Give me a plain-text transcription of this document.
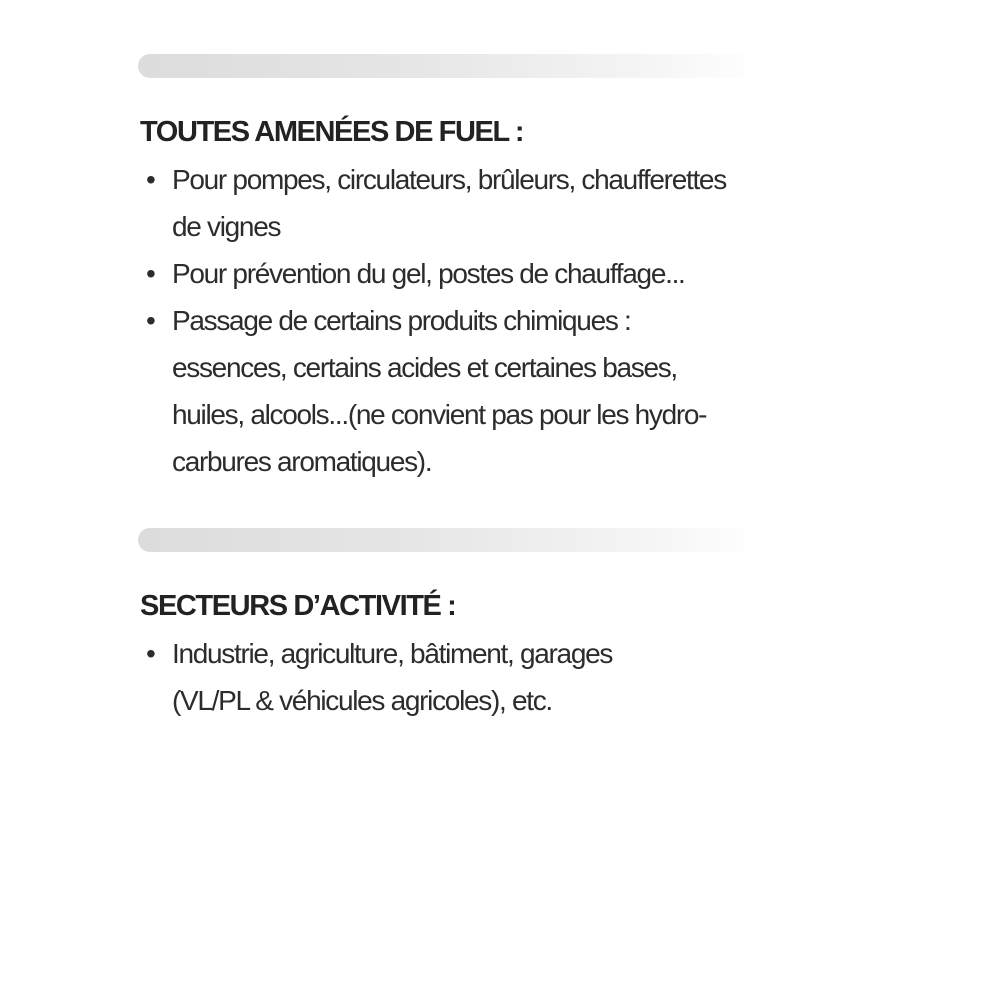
TOUTES AMENÉES DE FUEL :
• Pour pompes, circulateurs, brûleurs, chaufferettes
de vignes
• Pour prévention du gel, postes de chauffage...
• Passage de certains produits chimiques :
essences, certains acides et certaines bases,
huiles, alcools...(ne convient pas pour les hydro-
carbures aromatiques).
SECTEURS D’ACTIVITÉ :
• Industrie, agriculture, bâtiment, garages
(VL/PL & véhicules agricoles), etc.
